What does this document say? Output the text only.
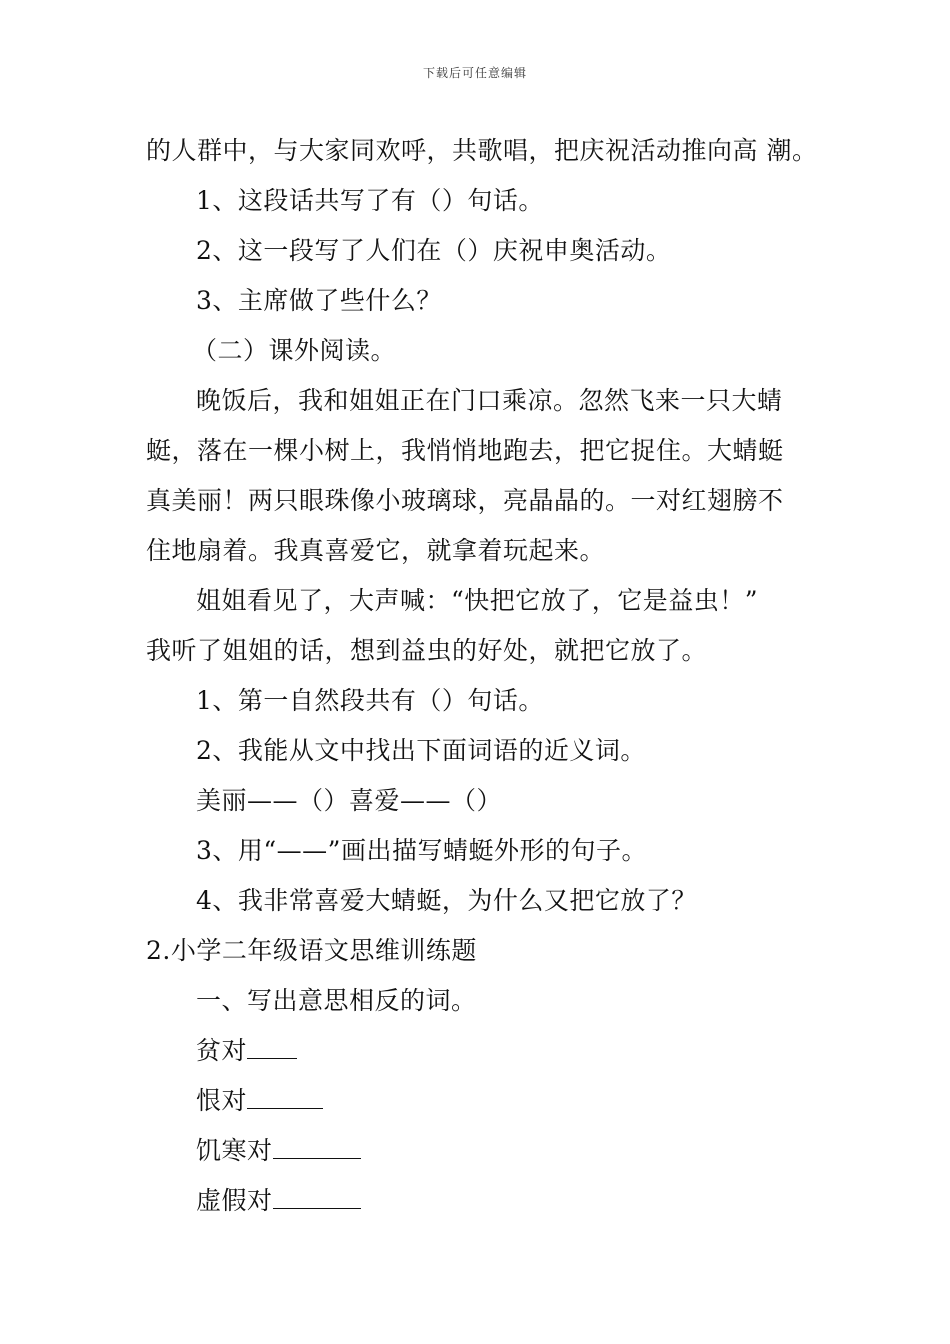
下载后可任意编辑
的人群中，与大家同欢呼，共歌唱，把庆祝活动推向高 潮。
1、这段话共写了有（）句话。
2、这一段写了人们在（）庆祝申奥活动。
3、主席做了些什么？
（二）课外阅读。
晚饭后，我和姐姐正在门口乘凉。忽然飞来一只大蜻
蜓，落在一棵小树上，我悄悄地跑去，把它捉住。大蜻蜓
真美丽！两只眼珠像小玻璃球，亮晶晶的。一对红翅膀不
住地扇着。我真喜爱它，就拿着玩起来。
姐姐看见了，大声喊：“快把它放了，它是益虫！”
我听了姐姐的话，想到益虫的好处，就把它放了。
1、第一自然段共有（）句话。
2、我能从文中找出下面词语的近义词。
美丽——（）喜爱——（）
3、用“——”画出描写蜻蜓外形的句子。
4、我非常喜爱大蜻蜓，为什么又把它放了？
2.小学二年级语文思维训练题
一、写出意思相反的词。
贫对
恨对
饥寒对
虚假对
